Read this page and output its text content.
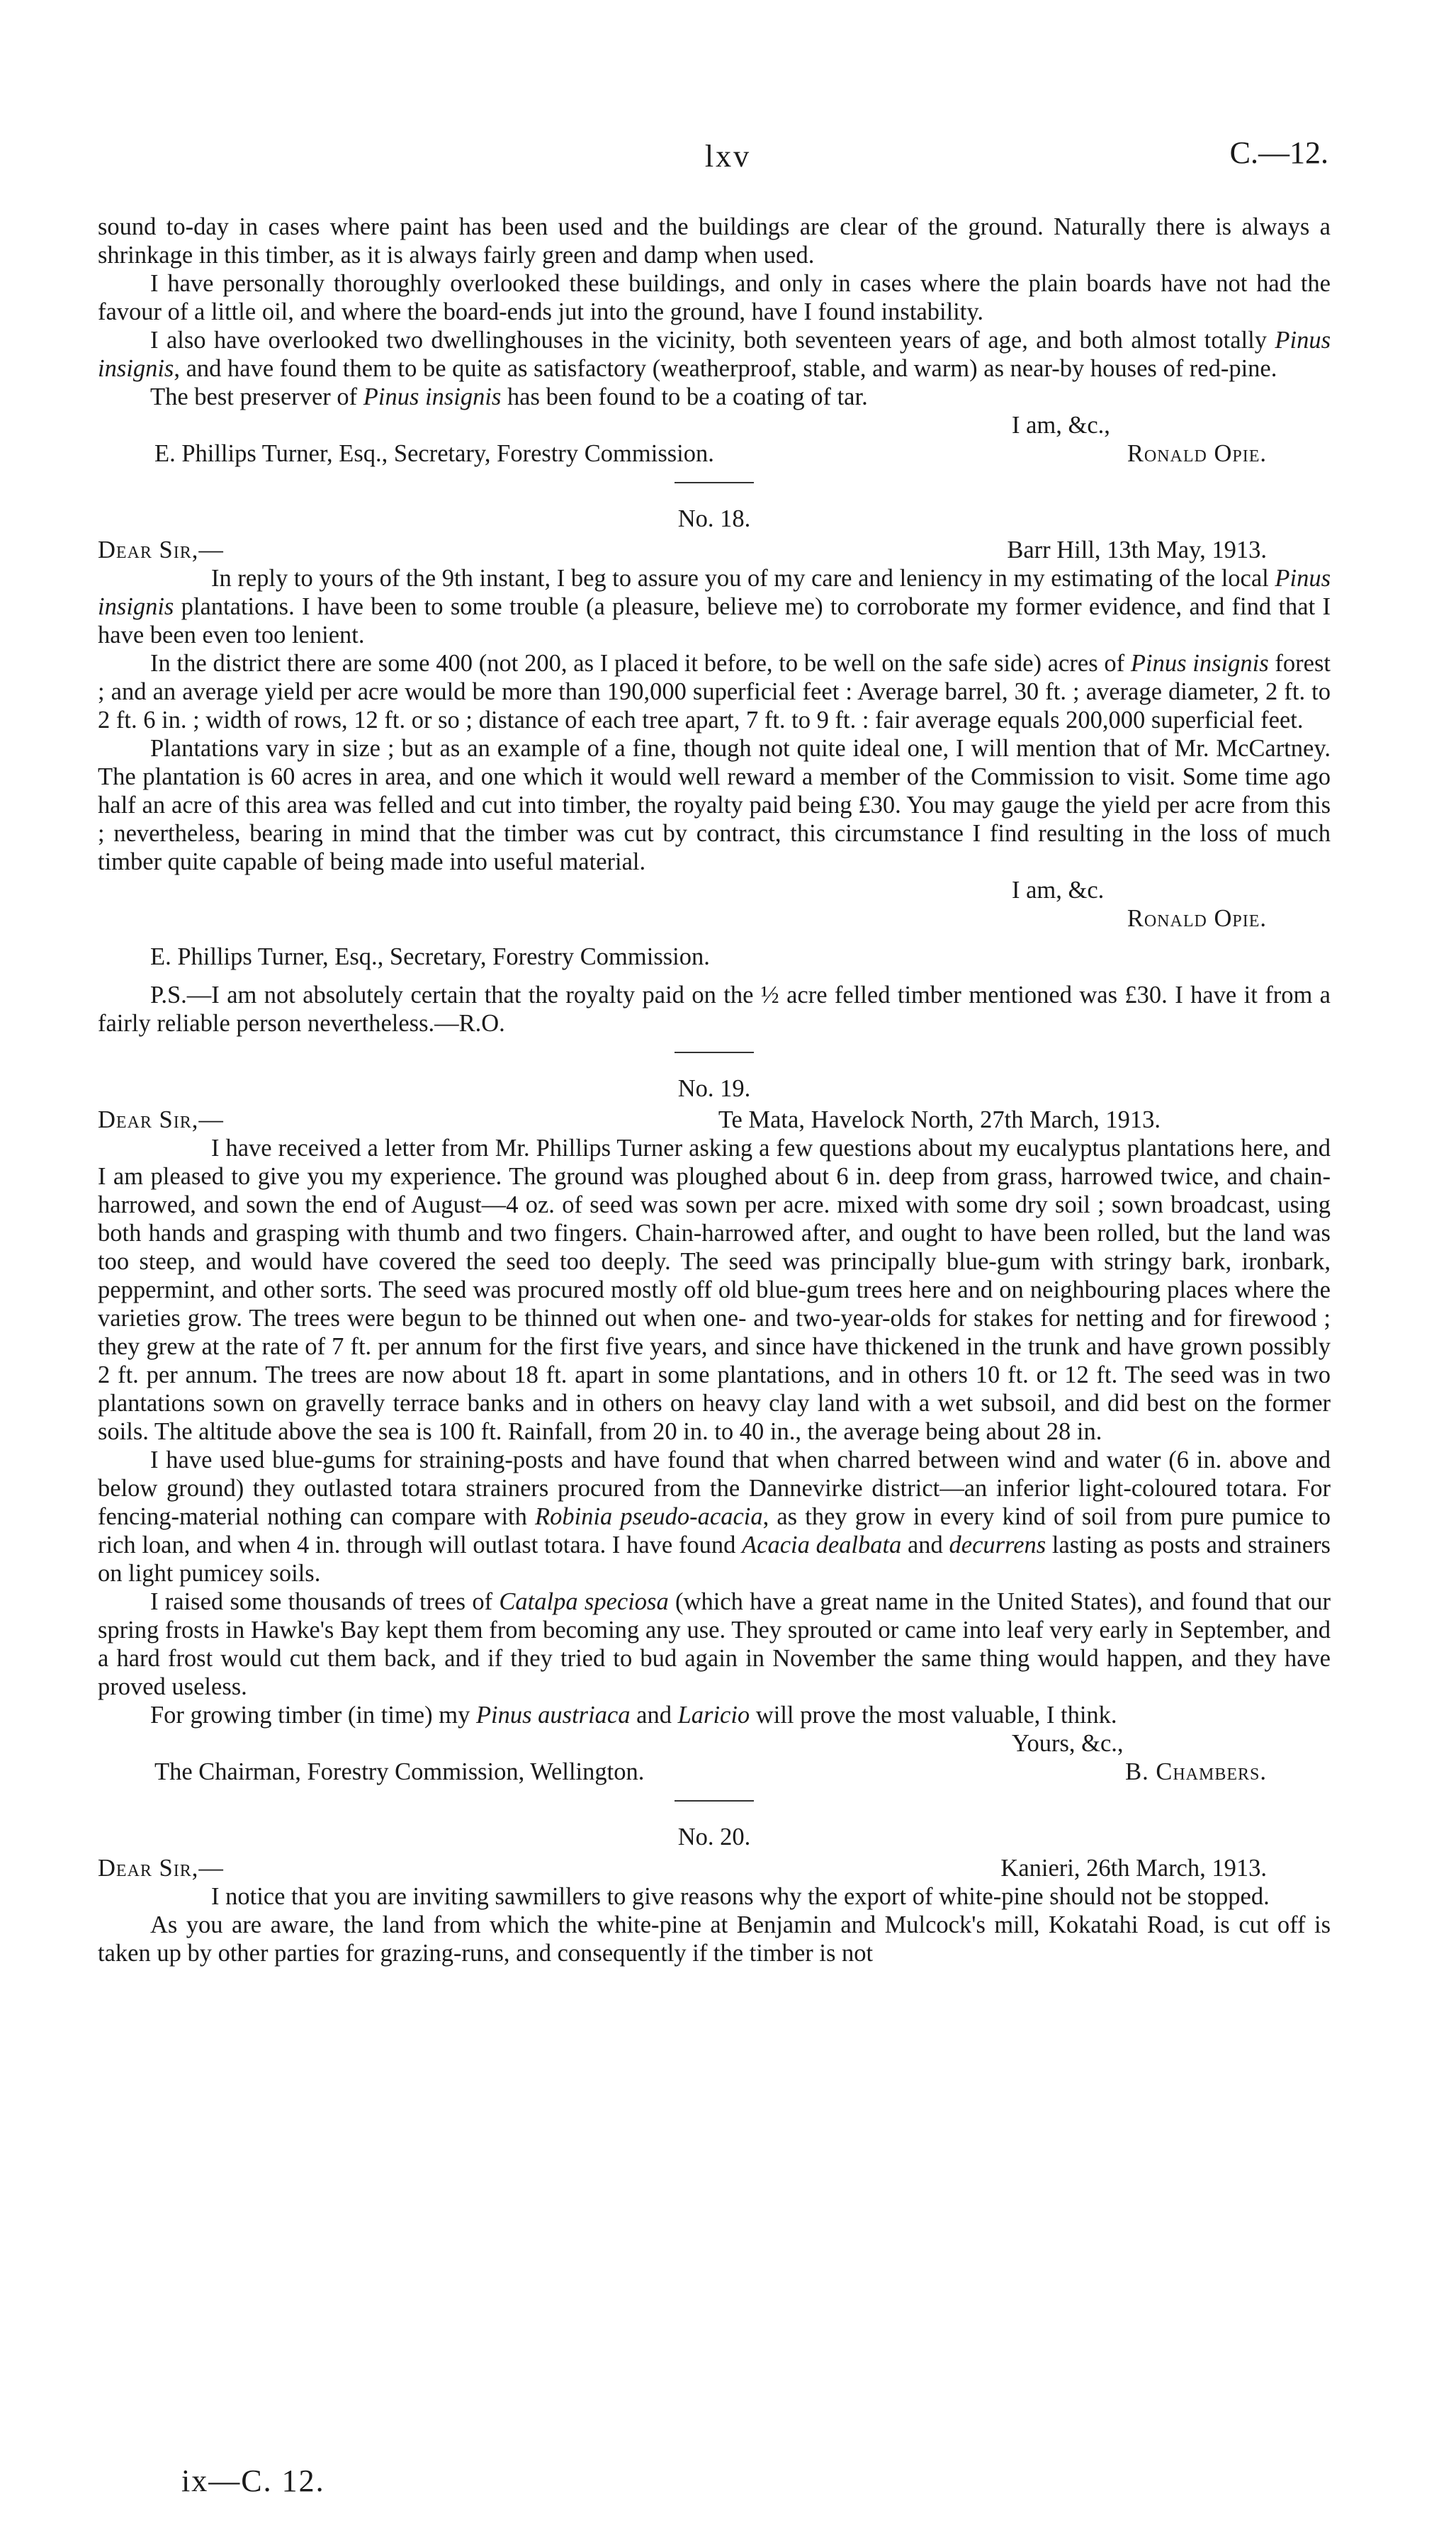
lxv	C.—12.

sound to-day in cases where paint has been used and the buildings are clear of the ground. Naturally there is always a shrinkage in this timber, as it is always fairly green and damp when used.

I have personally thoroughly overlooked these buildings, and only in cases where the plain boards have not had the favour of a little oil, and where the board-ends jut into the ground, have I found instability.

I also have overlooked two dwellinghouses in the vicinity, both seventeen years of age, and both almost totally Pinus insignis, and have found them to be quite as satisfactory (weatherproof, stable, and warm) as near-by houses of red-pine.

The best preserver of Pinus insignis has been found to be a coating of tar.

I am, &c.,
E. Phillips Turner, Esq., Secretary, Forestry Commission.	Ronald Opie.
No. 18.
Dear Sir,—	Barr Hill, 13th May, 1913.

In reply to yours of the 9th instant, I beg to assure you of my care and leniency in my estimating of the local Pinus insignis plantations. I have been to some trouble (a pleasure, believe me) to corroborate my former evidence, and find that I have been even too lenient.

In the district there are some 400 (not 200, as I placed it before, to be well on the safe side) acres of Pinus insignis forest ; and an average yield per acre would be more than 190,000 superficial feet : Average barrel, 30 ft. ; average diameter, 2 ft. to 2 ft. 6 in. ; width of rows, 12 ft. or so ; distance of each tree apart, 7 ft. to 9 ft. : fair average equals 200,000 superficial feet.

Plantations vary in size ; but as an example of a fine, though not quite ideal one, I will mention that of Mr. McCartney. The plantation is 60 acres in area, and one which it would well reward a member of the Commission to visit. Some time ago half an acre of this area was felled and cut into timber, the royalty paid being £30. You may gauge the yield per acre from this ; nevertheless, bearing in mind that the timber was cut by contract, this circumstance I find resulting in the loss of much timber quite capable of being made into useful material.

I am, &c.
Ronald Opie.

E. Phillips Turner, Esq., Secretary, Forestry Commission.

P.S.—I am not absolutely certain that the royalty paid on the ½ acre felled timber mentioned was £30. I have it from a fairly reliable person nevertheless.—R.O.

No. 19.
Dear Sir,—	Te Mata, Havelock North, 27th March, 1913.

I have received a letter from Mr. Phillips Turner asking a few questions about my eucalyptus plantations here, and I am pleased to give you my experience. The ground was ploughed about 6 in. deep from grass, harrowed twice, and chain-harrowed, and sown the end of August—4 oz. of seed was sown per acre. mixed with some dry soil ; sown broadcast, using both hands and grasping with thumb and two fingers. Chain-harrowed after, and ought to have been rolled, but the land was too steep, and would have covered the seed too deeply. The seed was principally blue-gum with stringy bark, ironbark, peppermint, and other sorts. The seed was procured mostly off old blue-gum trees here and on neighbouring places where the varieties grow. The trees were begun to be thinned out when one- and two-year-olds for stakes for netting and for firewood ; they grew at the rate of 7 ft. per annum for the first five years, and since have thickened in the trunk and have grown possibly 2 ft. per annum. The trees are now about 18 ft. apart in some plantations, and in others 10 ft. or 12 ft. The seed was in two plantations sown on gravelly terrace banks and in others on heavy clay land with a wet subsoil, and did best on the former soils. The altitude above the sea is 100 ft. Rainfall, from 20 in. to 40 in., the average being about 28 in.

I have used blue-gums for straining-posts and have found that when charred between wind and water (6 in. above and below ground) they outlasted totara strainers procured from the Dannevirke district—an inferior light-coloured totara. For fencing-material nothing can compare with Robinia pseudo-acacia, as they grow in every kind of soil from pure pumice to rich loan, and when 4 in. through will outlast totara. I have found Acacia dealbata and decurrens lasting as posts and strainers on light pumicey soils.

I raised some thousands of trees of Catalpa speciosa (which have a great name in the United States), and found that our spring frosts in Hawke's Bay kept them from becoming any use. They sprouted or came into leaf very early in September, and a hard frost would cut them back, and if they tried to bud again in November the same thing would happen, and they have proved useless.

For growing timber (in time) my Pinus austriaca and Laricio will prove the most valuable, I think.

Yours, &c.,
The Chairman, Forestry Commission, Wellington.	B. Chambers.
No. 20.
Dear Sir,—	Kanieri, 26th March, 1913.

I notice that you are inviting sawmillers to give reasons why the export of white-pine should not be stopped.

As you are aware, the land from which the white-pine at Benjamin and Mulcock's mill, Kokatahi Road, is cut off is taken up by other parties for grazing-runs, and consequently if the timber is not

ix—C. 12.
